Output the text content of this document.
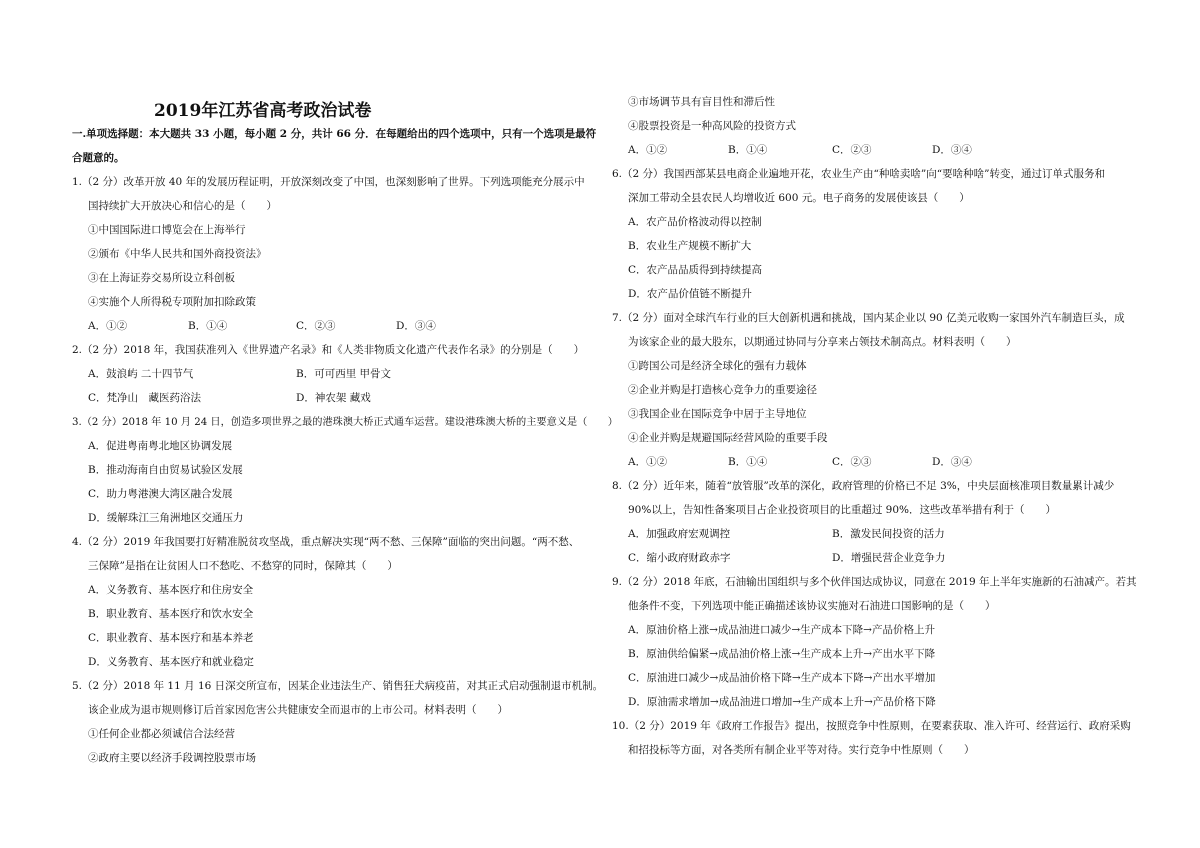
2019年江苏省高考政治试卷
一.单项选择题：本大题共 33 小题，每小题 2 分，共计 66 分．在每题给出的四个选项中，只有一个选项是最符
合题意的。
1.（2 分）改革开放 40 年的发展历程证明，开放深刻改变了中国，也深刻影响了世界。下列选项能充分展示中
国持续扩大开放决心和信心的是（　　）
①中国国际进口博览会在上海举行
②颁布《中华人民共和国外商投资法》
③在上海证券交易所设立科创板
④实施个人所得税专项附加扣除政策
A．①②	B．①④	C．②③	D．③④
2.（2 分）2018 年，我国获准列入《世界遗产名录》和《人类非物质文化遗产代表作名录》的分别是（　　）
A．鼓浪屿 二十四节气	B．可可西里 甲骨文
C．梵净山　藏医药浴法	D．神农架 藏戏
3.（2 分）2018 年 10 月 24 日，创造多项世界之最的港珠澳大桥正式通车运营。建设港珠澳大桥的主要意义是（　　）
A．促进粤南粤北地区协调发展
B．推动海南自由贸易试验区发展
C．助力粤港澳大湾区融合发展
D．缓解珠江三角洲地区交通压力
4.（2 分）2019 年我国要打好精准脱贫攻坚战，重点解决实现“两不愁、三保障”面临的突出问题。“两不愁、
三保障”是指在让贫困人口不愁吃、不愁穿的同时，保障其（　　）
A．义务教育、基本医疗和住房安全
B．职业教育、基本医疗和饮水安全
C．职业教育、基本医疗和基本养老
D．义务教育、基本医疗和就业稳定
5.（2 分）2018 年 11 月 16 日深交所宣布，因某企业违法生产、销售狂犬病疫苗，对其正式启动强制退市机制。
该企业成为退市规则修订后首家因危害公共健康安全而退市的上市公司。材料表明（　　）
①任何企业都必须诚信合法经营
②政府主要以经济手段调控股票市场
③市场调节具有盲目性和滞后性
④股票投资是一种高风险的投资方式
A．①②	B．①④	C．②③	D．③④
6.（2 分）我国西部某县电商企业遍地开花，农业生产由“种啥卖啥”向“要啥种啥”转变，通过订单式服务和
深加工带动全县农民人均增收近 600 元。电子商务的发展使该县（　　）
A．农产品价格波动得以控制
B．农业生产规模不断扩大
C．农产品品质得到持续提高
D．农产品价值链不断提升
7.（2 分）面对全球汽车行业的巨大创新机遇和挑战，国内某企业以 90 亿美元收购一家国外汽车制造巨头，成
为该家企业的最大股东，以期通过协同与分享来占领技术制高点。材料表明（　　）
①跨国公司是经济全球化的强有力载体
②企业并购是打造核心竞争力的重要途径
③我国企业在国际竞争中居于主导地位
④企业并购是规避国际经营风险的重要手段
A．①②	B．①④	C．②③	D．③④
8.（2 分）近年来，随着“放管服”改革的深化，政府管理的价格已不足 3%，中央层面核准项目数量累计减少
90%以上，告知性备案项目占企业投资项目的比重超过 90%．这些改革举措有利于（　　）
A．加强政府宏观调控	B．激发民间投资的活力
C．缩小政府财政赤字	D．增强民营企业竞争力
9.（2 分）2018 年底，石油输出国组织与多个伙伴国达成协议，同意在 2019 年上半年实施新的石油减产。若其
他条件不变，下列选项中能正确描述该协议实施对石油进口国影响的是（　　）
A．原油价格上涨→成品油进口减少→生产成本下降→产品价格上升
B．原油供给偏紧→成品油价格上涨→生产成本上升→产出水平下降
C．原油进口减少→成品油价格下降→生产成本下降→产出水平增加
D．原油需求增加→成品油进口增加→生产成本上升→产品价格下降
10.（2 分）2019 年《政府工作报告》提出，按照竞争中性原则，在要素获取、准入许可、经营运行、政府采购
和招投标等方面，对各类所有制企业平等对待。实行竞争中性原则（　　）
